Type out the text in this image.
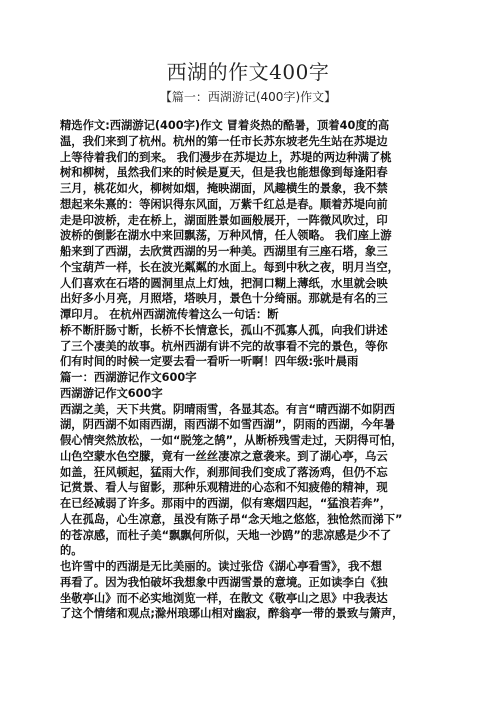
西湖的作文400字
【篇一：西湖游记(400字)作文】
精选作文:西湖游记(400字)作文 冒着炎热的酷暑，顶着40度的高
温，我们来到了杭州。杭州的第一任市长苏东坡老先生站在苏堤边
上等待着我们的到来。 我们漫步在苏堤边上，苏堤的两边种满了桃
树和柳树，虽然我们来的时候是夏天，但是我也能想像到每逢阳春
三月，桃花如火，柳树如烟，掩映湖面，风趣横生的景象，我不禁
想起来朱熹的：等闲识得东风面，万紫千红总是春。顺着苏堤向前
走是印波桥，走在桥上，湖面胜景如画般展开，一阵微风吹过，印
波桥的倒影在湖水中来回飘荡，万种风情，任人领略。 我们座上游
船来到了西湖，去欣赏西湖的另一种美。西湖里有三座石塔，象三
个宝葫芦一样，长在波光粼粼的水面上。每到中秋之夜，明月当空，
人们喜欢在石塔的圆洞里点上灯烛，把洞口糊上薄纸，水里就会映
出好多小月亮，月照塔，塔映月，景色十分绮丽。那就是有名的三
潭印月。 在杭州西湖流传着这么一句话：断
桥不断肝肠寸断，长桥不长情意长，孤山不孤寡人孤，向我们讲述
了三个凄美的故事。杭州西湖有讲不完的故事看不完的景色，等你
们有时间的时候一定要去看一看听一听啊！四年级:张叶晨雨
篇一：西湖游记作文600字
西湖游记作文600字
西湖之美，天下共赏。阴晴雨雪，各显其态。有言“晴西湖不如阴西
湖，阴西湖不如雨西湖，雨西湖不如雪西湖”，阴雨的西湖，今年暑
假心情突然放松，一如“脱笼之鹄”，从断桥残雪走过，天阴得可怕，
山色空蒙水色空朦，竟有一丝丝凄凉之意袭来。到了湖心亭，乌云
如盖，狂风顿起，猛雨大作，刹那间我们变成了落汤鸡，但仍不忘
记赏景、看人与留影，那种乐观精进的心态和不知疲倦的精神，现
在已经减弱了许多。那雨中的西湖，似有寒烟四起，“猛浪若奔”，
人在孤岛，心生凉意，虽没有陈子昂“念天地之悠悠，独怆然而涕下”
的苍凉感，而杜子美“飘飘何所似，天地一沙鸥”的悲凉感是少不了
的。
也许雪中的西湖是无比美丽的。读过张岱《湖心亭看雪》，我不想
再看了。因为我怕破坏我想象中西湖雪景的意境。正如读李白《独
坐敬亭山》而不必实地浏览一样，在散文《敬亭山之思》中我表达
了这个情绪和观点;滁州琅琊山相对幽寂，醉翁亭一带的景致与箫声，
